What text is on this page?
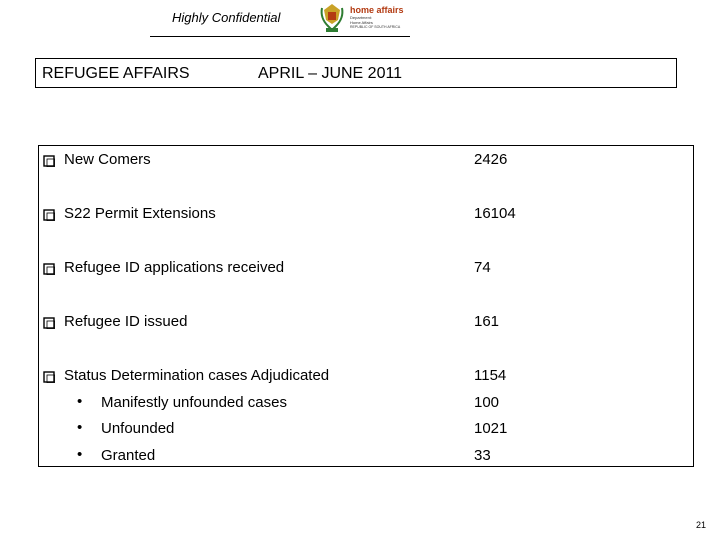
Highly Confidential	home affairs
Department:
Home Affairs
REPUBLIC OF SOUTH AFRICA
REFUGEE AFFAIRS	APRIL – JUNE 2011
New Comers	2426
S22 Permit Extensions	16104
Refugee ID applications received	74
Refugee ID issued	161
Status Determination cases Adjudicated	1154
• Manifestly unfounded cases	100
• Unfounded	1021
• Granted	33
21
